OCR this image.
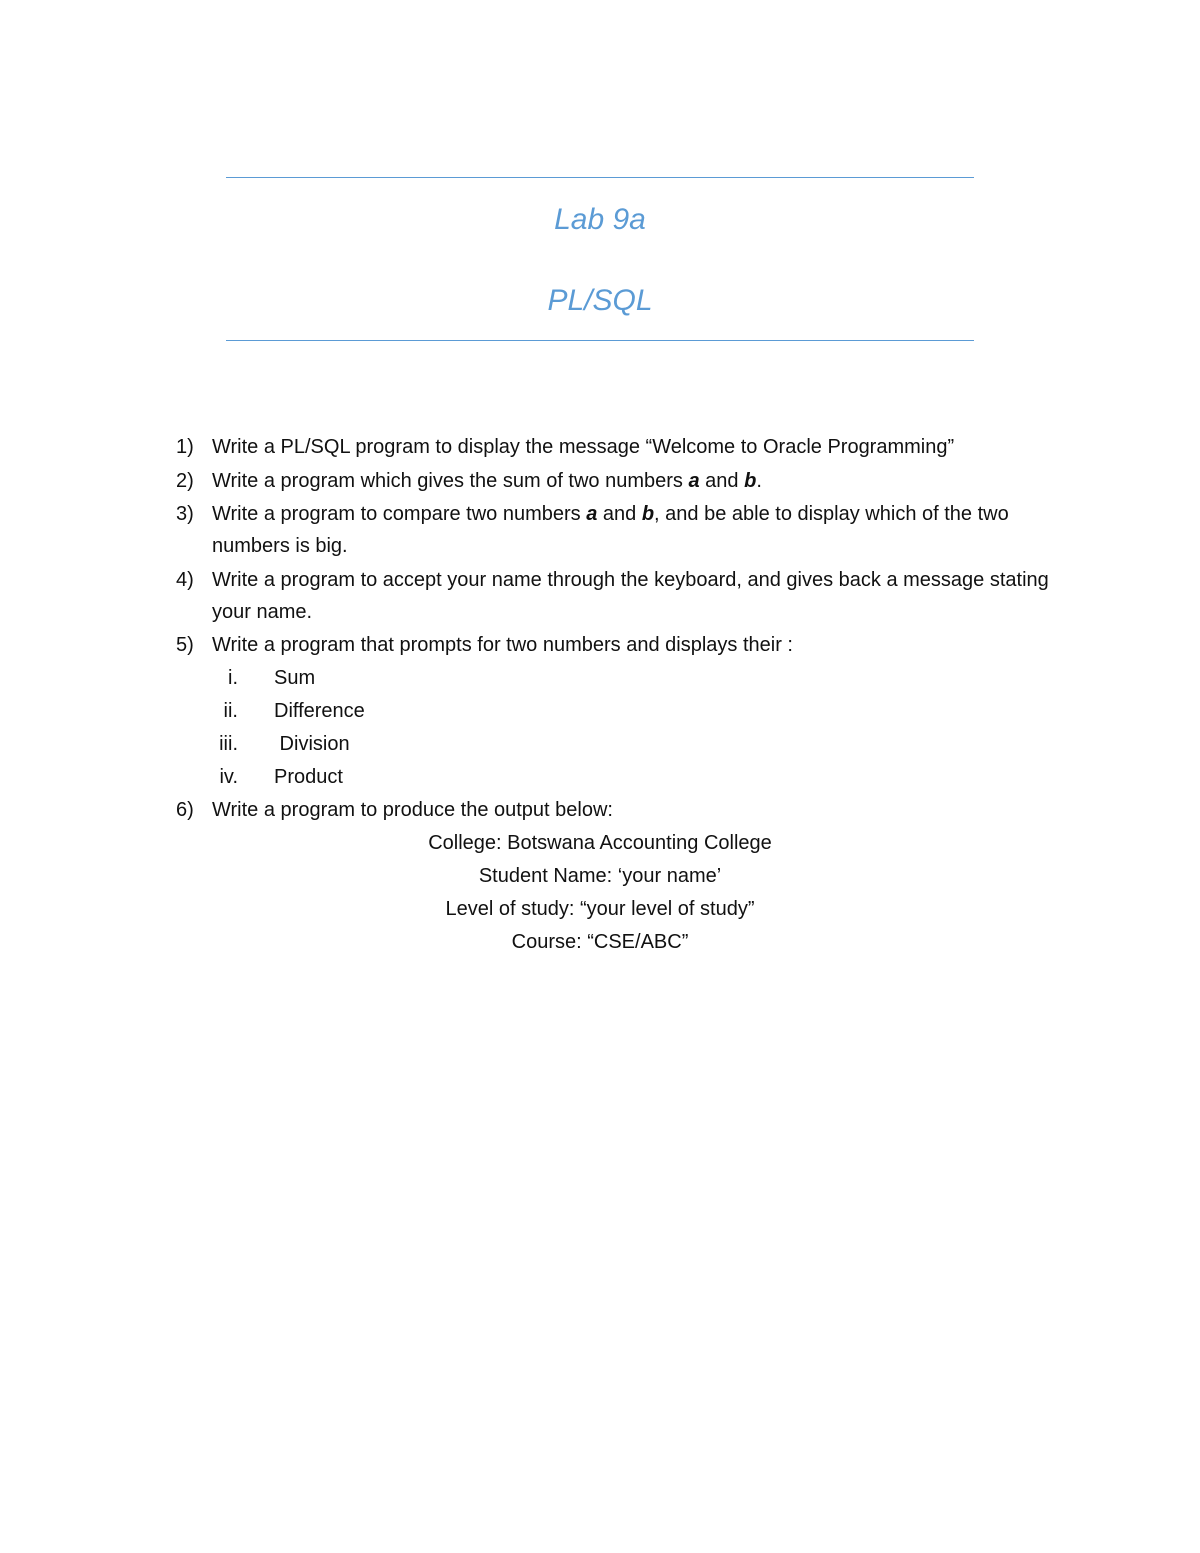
Lab 9a
PL/SQL
1) Write a PL/SQL program to display the message “Welcome to Oracle Programming”
2) Write a program which gives the sum of two numbers a and b.
3) Write a program to compare two numbers a and b, and be able to display which of the two numbers is big.
4) Write a program to accept your name through the keyboard, and gives back a message stating your name.
5) Write a program that prompts for two numbers and displays their :
i. Sum
ii. Difference
iii. Division
iv. Product
6) Write a program to produce the output below:
College: Botswana Accounting College
Student Name: ‘your name’
Level of study: “your level of study”
Course: “CSE/ABC”
